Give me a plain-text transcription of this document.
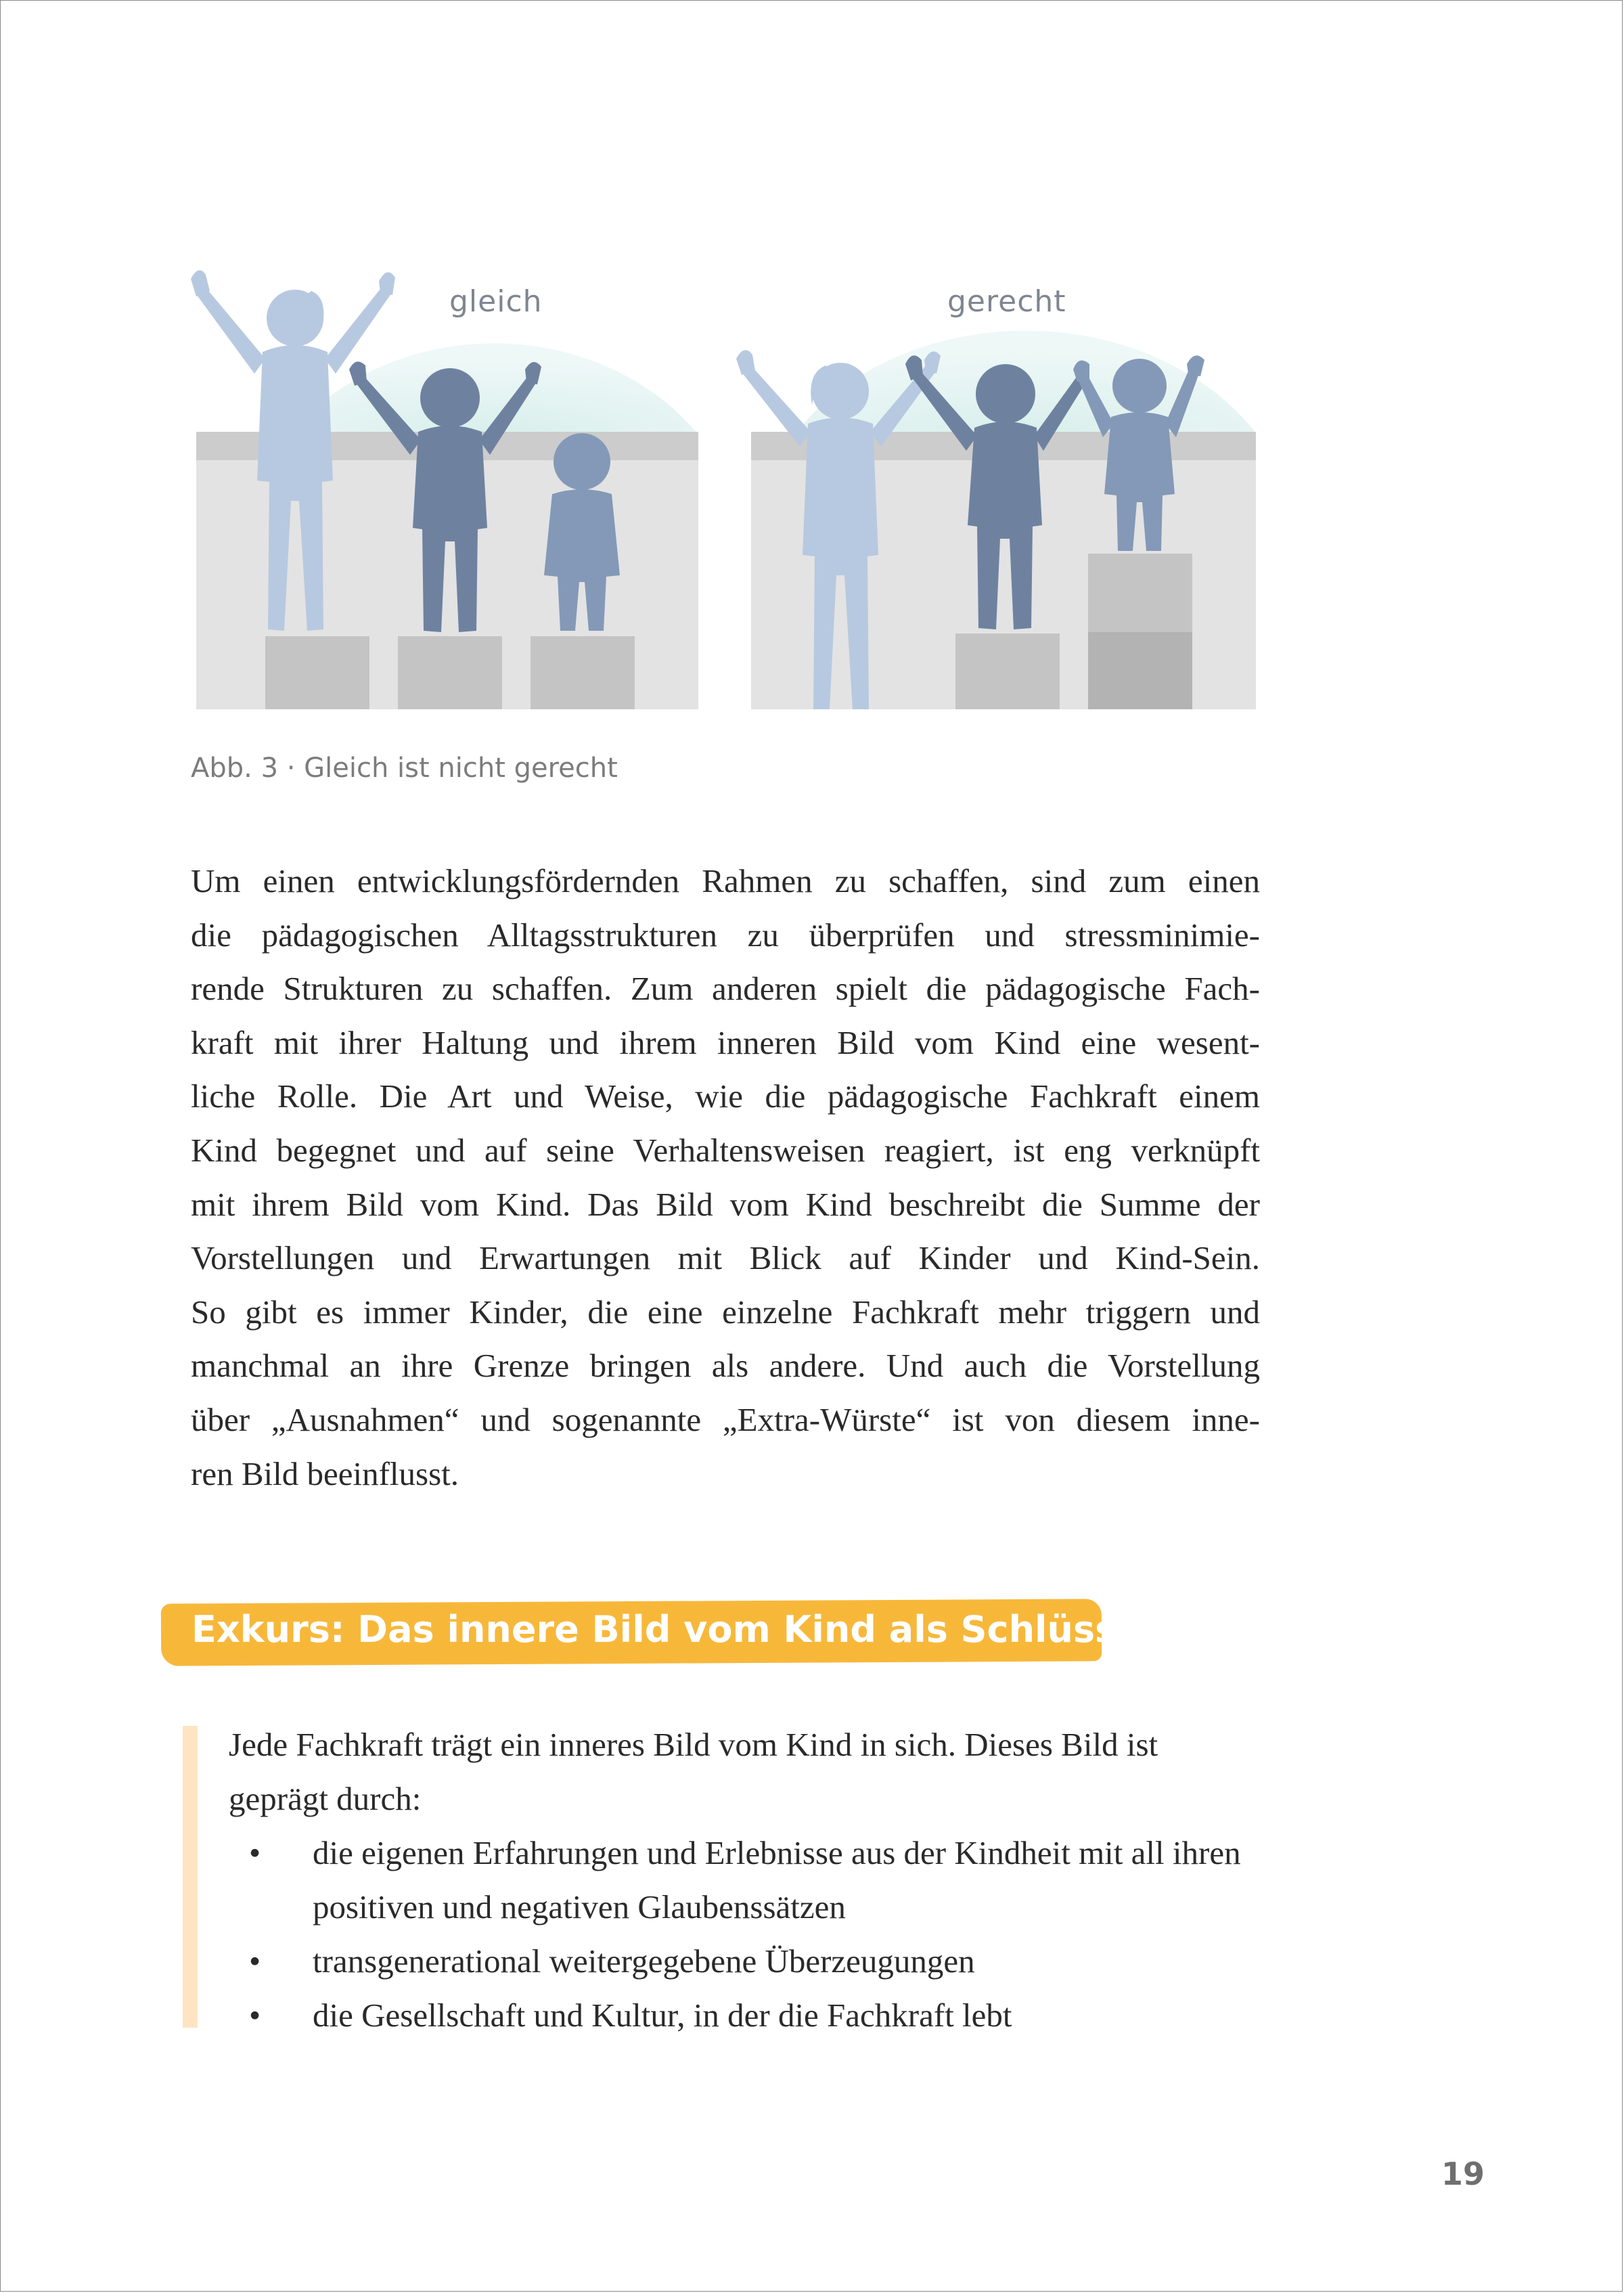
gleich	gerecht
Abb. 3 · Gleich ist nicht gerecht
Um einen entwicklungsfördernden Rahmen zu schaffen, sind zum einen
die pädagogischen Alltagsstrukturen zu überprüfen und stressminimie-
rende Strukturen zu schaffen. Zum anderen spielt die pädagogische Fach-
kraft mit ihrer Haltung und ihrem inneren Bild vom Kind eine wesent-
liche Rolle. Die Art und Weise, wie die pädagogische Fachkraft einem
Kind begegnet und auf seine Verhaltensweisen reagiert, ist eng verknüpft
mit ihrem Bild vom Kind. Das Bild vom Kind beschreibt die Summe der
Vorstellungen und Erwartungen mit Blick auf Kinder und Kind-Sein.
So gibt es immer Kinder, die eine einzelne Fachkraft mehr triggern und
manchmal an ihre Grenze bringen als andere. Und auch die Vorstellung
über „Ausnahmen“ und sogenannte „Extra-Würste“ ist von diesem inne-
ren Bild beeinflusst.
Exkurs: Das innere Bild vom Kind als Schlüssel

Jede Fachkraft trägt ein inneres Bild vom Kind in sich. Dieses Bild ist geprägt durch:

•	die eigenen Erfahrungen und Erlebnisse aus der Kindheit mit all ihren positiven und negativen Glaubenssätzen
•	transgenerational weitergegebene Überzeugungen
•	die Gesellschaft und Kultur, in der die Fachkraft lebt
19
